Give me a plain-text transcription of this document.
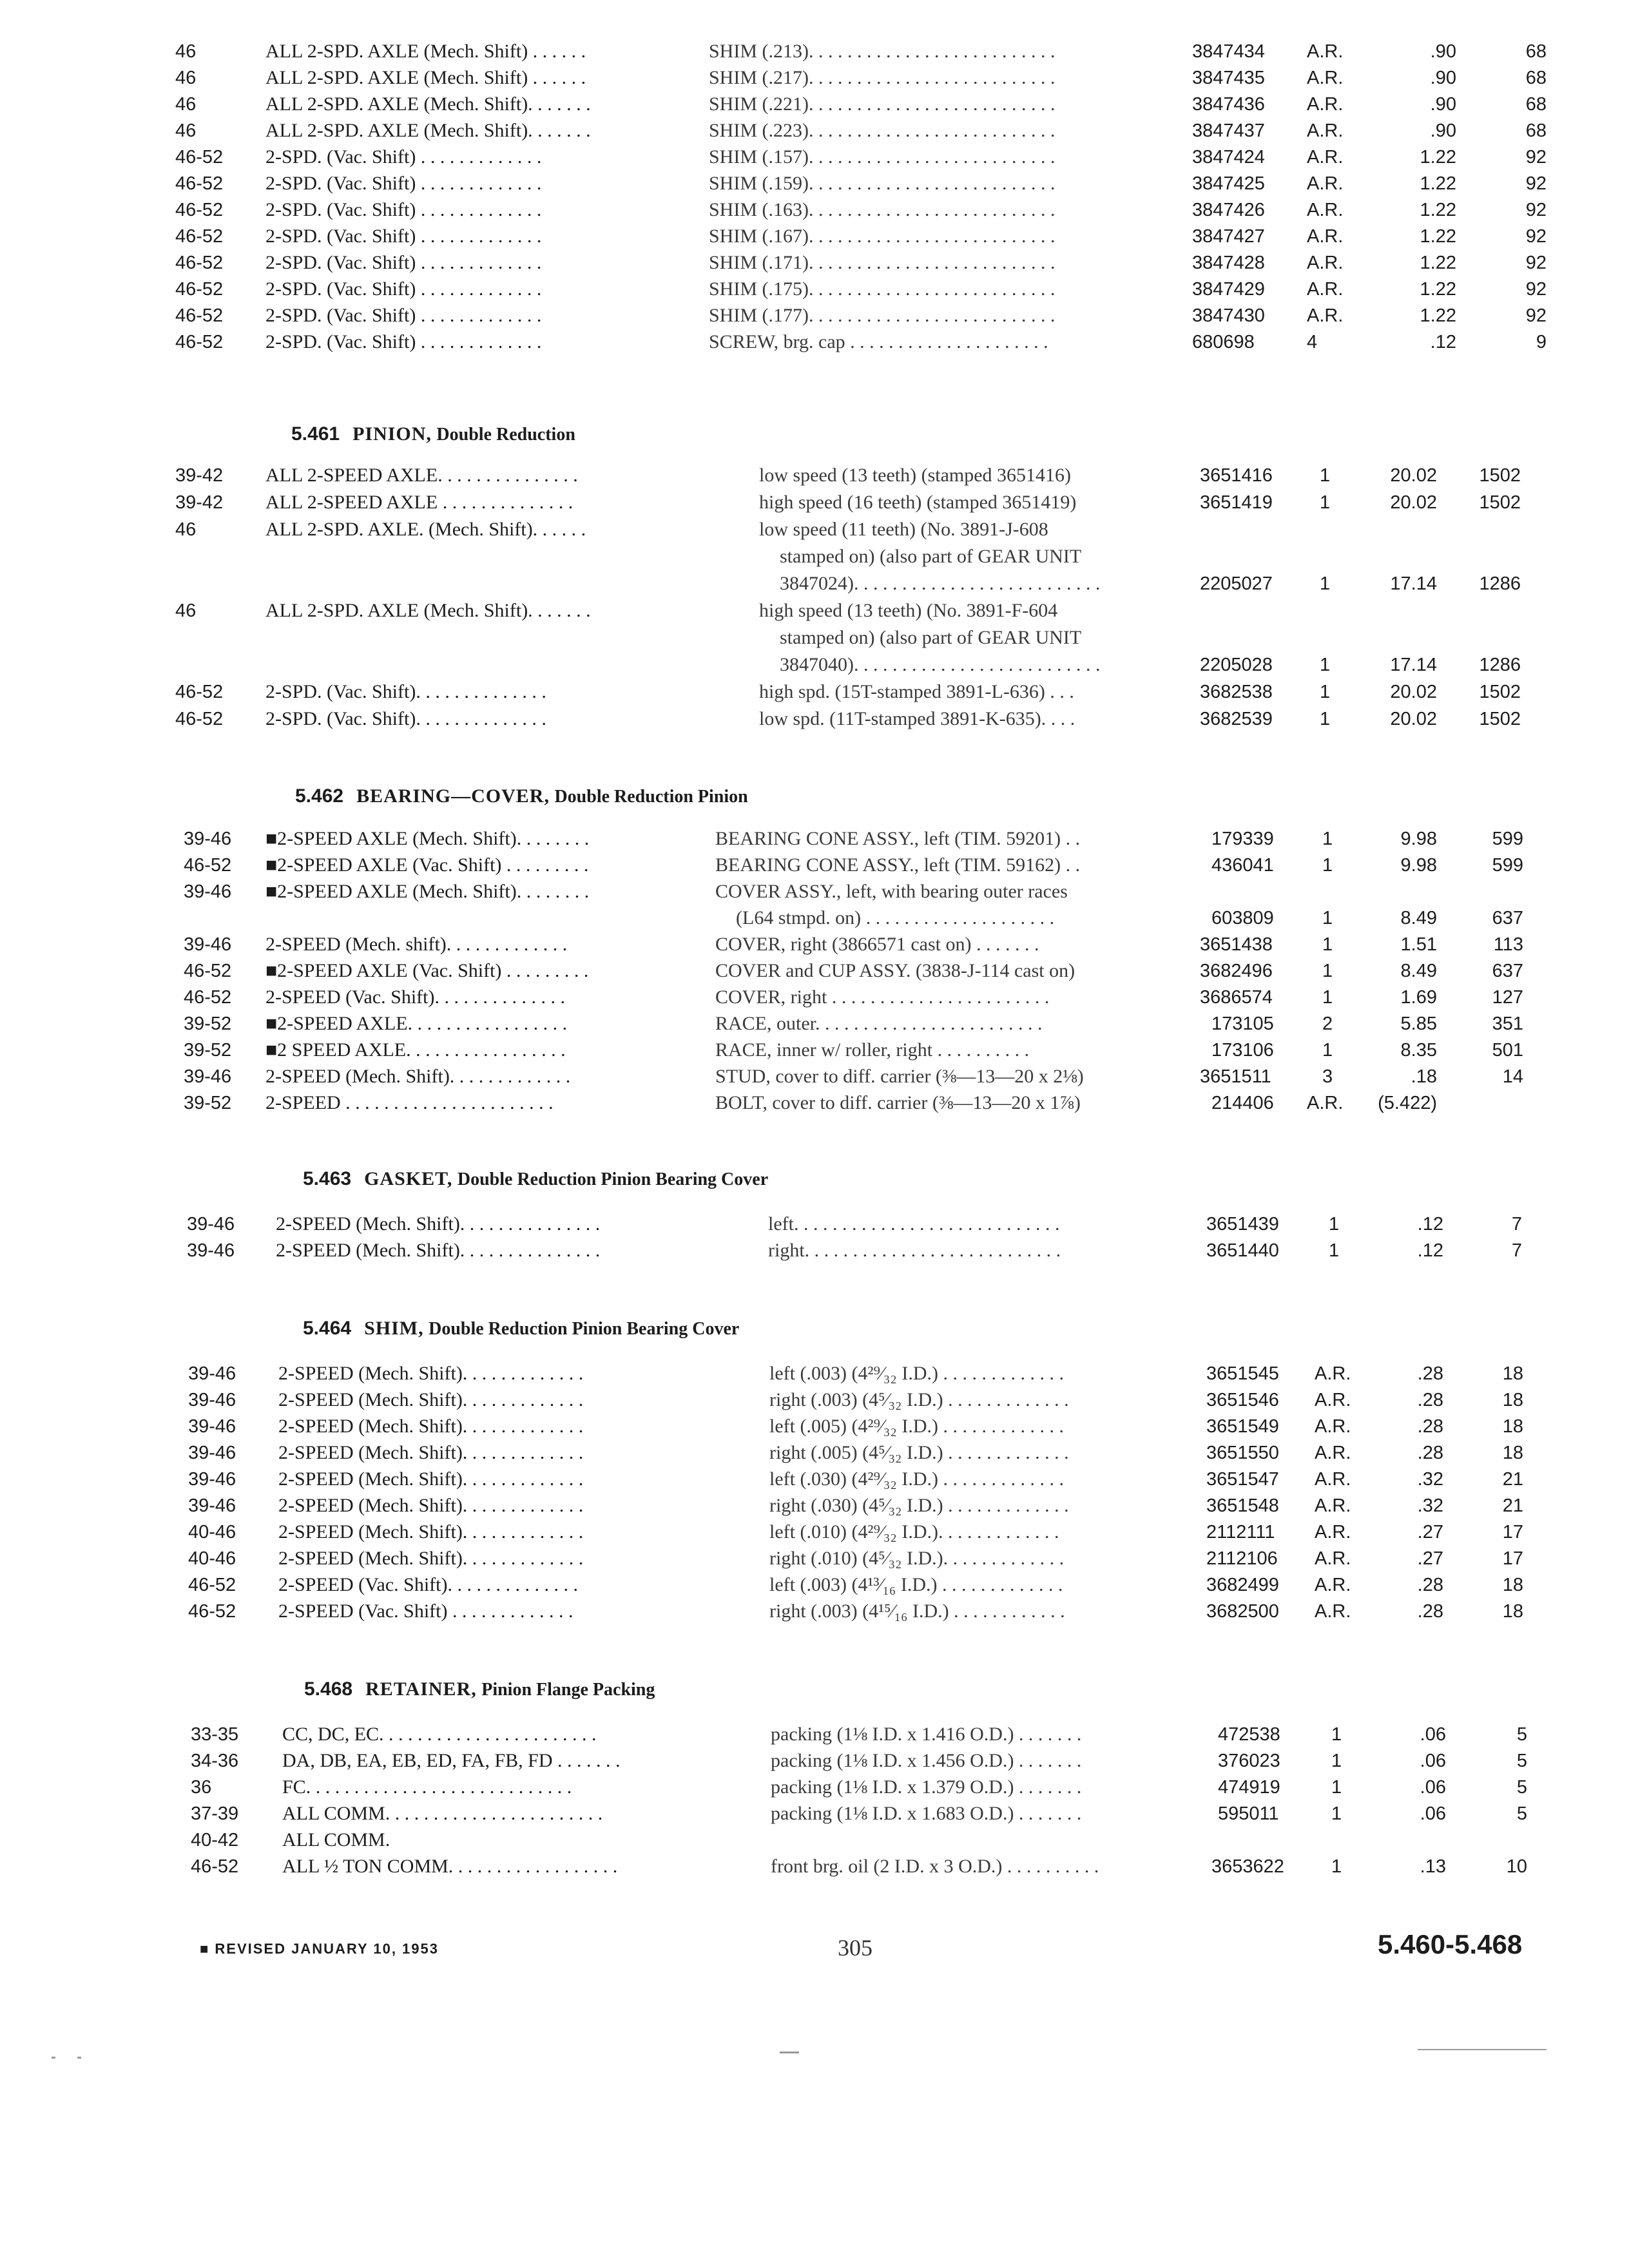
46	ALL 2-SPD. AXLE (Mech. Shift) . . . . . .	SHIM (.213). . . . . . . . . . . . . . . . . . . . . . . . . .	3847434	A.R.	.90	68
46	ALL 2-SPD. AXLE (Mech. Shift) . . . . . .	SHIM (.217). . . . . . . . . . . . . . . . . . . . . . . . . .	3847435	A.R.	.90	68
46	ALL 2-SPD. AXLE (Mech. Shift). . . . . . .	SHIM (.221). . . . . . . . . . . . . . . . . . . . . . . . . .	3847436	A.R.	.90	68
46	ALL 2-SPD. AXLE (Mech. Shift). . . . . . .	SHIM (.223). . . . . . . . . . . . . . . . . . . . . . . . . .	3847437	A.R.	.90	68
46-52	2-SPD. (Vac. Shift) . . . . . . . . . . . . .	SHIM (.157). . . . . . . . . . . . . . . . . . . . . . . . . .	3847424	A.R.	1.22	92
46-52	2-SPD. (Vac. Shift) . . . . . . . . . . . . .	SHIM (.159). . . . . . . . . . . . . . . . . . . . . . . . . .	3847425	A.R.	1.22	92
46-52	2-SPD. (Vac. Shift) . . . . . . . . . . . . .	SHIM (.163). . . . . . . . . . . . . . . . . . . . . . . . . .	3847426	A.R.	1.22	92
46-52	2-SPD. (Vac. Shift) . . . . . . . . . . . . .	SHIM (.167). . . . . . . . . . . . . . . . . . . . . . . . . .	3847427	A.R.	1.22	92
46-52	2-SPD. (Vac. Shift) . . . . . . . . . . . . .	SHIM (.171). . . . . . . . . . . . . . . . . . . . . . . . . .	3847428	A.R.	1.22	92
46-52	2-SPD. (Vac. Shift) . . . . . . . . . . . . .	SHIM (.175). . . . . . . . . . . . . . . . . . . . . . . . . .	3847429	A.R.	1.22	92
46-52	2-SPD. (Vac. Shift) . . . . . . . . . . . . .	SHIM (.177). . . . . . . . . . . . . . . . . . . . . . . . . .	3847430	A.R.	1.22	92
46-52	2-SPD. (Vac. Shift) . . . . . . . . . . . . .	SCREW, brg. cap . . . . . . . . . . . . . . . . . . . . .	680698	4	.12	9
5.461 PINION, Double Reduction
39-42	ALL 2-SPEED AXLE. . . . . . . . . . . . . . .	low speed (13 teeth) (stamped 3651416)	3651416	1	20.02	1502
39-42	ALL 2-SPEED AXLE . . . . . . . . . . . . . .	high speed (16 teeth) (stamped 3651419)	3651419	1	20.02	1502
46	ALL 2-SPD. AXLE. (Mech. Shift). . . . . .	low speed (11 teeth) (No. 3891-J-608
stamped on) (also part of GEAR UNIT
3847024). . . . . . . . . . . . . . . . . . . . . . . . . .	2205027	1	17.14	1286
46	ALL 2-SPD. AXLE (Mech. Shift). . . . . . .	high speed (13 teeth) (No. 3891-F-604
stamped on) (also part of GEAR UNIT
3847040). . . . . . . . . . . . . . . . . . . . . . . . . .	2205028	1	17.14	1286
46-52	2-SPD. (Vac. Shift). . . . . . . . . . . . . .	high spd. (15T-stamped 3891-L-636) . . .	3682538	1	20.02	1502
46-52	2-SPD. (Vac. Shift). . . . . . . . . . . . . .	low spd. (11T-stamped 3891-K-635). . . .	3682539	1	20.02	1502
5.462 BEARING—COVER, Double Reduction Pinion
39-46	■2-SPEED AXLE (Mech. Shift). . . . . . . .	BEARING CONE ASSY., left (TIM. 59201) . .	179339	1	9.98	599
46-52	■2-SPEED AXLE (Vac. Shift) . . . . . . . . .	BEARING CONE ASSY., left (TIM. 59162) . .	436041	1	9.98	599
39-46	■2-SPEED AXLE (Mech. Shift). . . . . . . .	COVER ASSY., left, with bearing outer races
(L64 stmpd. on) . . . . . . . . . . . . . . . . . . . .	603809	1	8.49	637
39-46	2-SPEED (Mech. shift). . . . . . . . . . . . .	COVER, right (3866571 cast on) . . . . . . .	3651438	1	1.51	113
46-52	■2-SPEED AXLE (Vac. Shift) . . . . . . . . .	COVER and CUP ASSY. (3838-J-114 cast on)	3682496	1	8.49	637
46-52	2-SPEED (Vac. Shift). . . . . . . . . . . . . .	COVER, right . . . . . . . . . . . . . . . . . . . . . . .	3686574	1	1.69	127
39-52	■2-SPEED AXLE. . . . . . . . . . . . . . . . .	RACE, outer. . . . . . . . . . . . . . . . . . . . . . . .	173105	2	5.85	351
39-52	■2 SPEED AXLE. . . . . . . . . . . . . . . . .	RACE, inner w/ roller, right . . . . . . . . . .	173106	1	8.35	501
39-46	2-SPEED (Mech. Shift). . . . . . . . . . . . .	STUD, cover to diff. carrier (⅜—13—20 x 2⅛)	3651511	3	.18	14
39-52	2-SPEED . . . . . . . . . . . . . . . . . . . . . .	BOLT, cover to diff. carrier (⅜—13—20 x 1⅞)	214406	A.R.	(5.422)
5.463 GASKET, Double Reduction Pinion Bearing Cover
39-46	2-SPEED (Mech. Shift). . . . . . . . . . . . . . .	left. . . . . . . . . . . . . . . . . . . . . . . . . . . .	3651439	1	.12	7
39-46	2-SPEED (Mech. Shift). . . . . . . . . . . . . . .	right. . . . . . . . . . . . . . . . . . . . . . . . . . .	3651440	1	.12	7
5.464 SHIM, Double Reduction Pinion Bearing Cover
39-46	2-SPEED (Mech. Shift). . . . . . . . . . . . .	left (.003) (4²⁹⁄₃₂ I.D.) . . . . . . . . . . . . .	3651545	A.R.	.28	18
39-46	2-SPEED (Mech. Shift). . . . . . . . . . . . .	right (.003) (4⁵⁄₃₂ I.D.) . . . . . . . . . . . . .	3651546	A.R.	.28	18
39-46	2-SPEED (Mech. Shift). . . . . . . . . . . . .	left (.005) (4²⁹⁄₃₂ I.D.) . . . . . . . . . . . . .	3651549	A.R.	.28	18
39-46	2-SPEED (Mech. Shift). . . . . . . . . . . . .	right (.005) (4⁵⁄₃₂ I.D.) . . . . . . . . . . . . .	3651550	A.R.	.28	18
39-46	2-SPEED (Mech. Shift). . . . . . . . . . . . .	left (.030) (4²⁹⁄₃₂ I.D.) . . . . . . . . . . . . .	3651547	A.R.	.32	21
39-46	2-SPEED (Mech. Shift). . . . . . . . . . . . .	right (.030) (4⁵⁄₃₂ I.D.) . . . . . . . . . . . . .	3651548	A.R.	.32	21
40-46	2-SPEED (Mech. Shift). . . . . . . . . . . . .	left (.010) (4²⁹⁄₃₂ I.D.). . . . . . . . . . . . .	2112111	A.R.	.27	17
40-46	2-SPEED (Mech. Shift). . . . . . . . . . . . .	right (.010) (4⁵⁄₃₂ I.D.). . . . . . . . . . . . .	2112106	A.R.	.27	17
46-52	2-SPEED (Vac. Shift). . . . . . . . . . . . . .	left (.003) (4¹³⁄₁₆ I.D.) . . . . . . . . . . . . .	3682499	A.R.	.28	18
46-52	2-SPEED (Vac. Shift) . . . . . . . . . . . . .	right (.003) (4¹⁵⁄₁₆ I.D.) . . . . . . . . . . . .	3682500	A.R.	.28	18
5.468 RETAINER, Pinion Flange Packing
33-35	CC, DC, EC. . . . . . . . . . . . . . . . . . . . . . .	packing (1⅛ I.D. x 1.416 O.D.) . . . . . . .	472538	1	.06	5
34-36	DA, DB, EA, EB, ED, FA, FB, FD . . . . . . .	packing (1⅛ I.D. x 1.456 O.D.) . . . . . . .	376023	1	.06	5
36	FC. . . . . . . . . . . . . . . . . . . . . . . . . . . .	packing (1⅛ I.D. x 1.379 O.D.) . . . . . . .	474919	1	.06	5
37-39	ALL COMM. . . . . . . . . . . . . . . . . . . . . . .	packing (1⅛ I.D. x 1.683 O.D.) . . . . . . .	595011	1	.06	5
40-42	ALL COMM.
46-52	ALL ½ TON COMM. . . . . . . . . . . . . . . . . .	front brg. oil (2 I.D. x 3 O.D.) . . . . . . . . . .	3653622	1	.13	10
■ REVISED JANUARY 10, 1953	305	5.460-5.468
